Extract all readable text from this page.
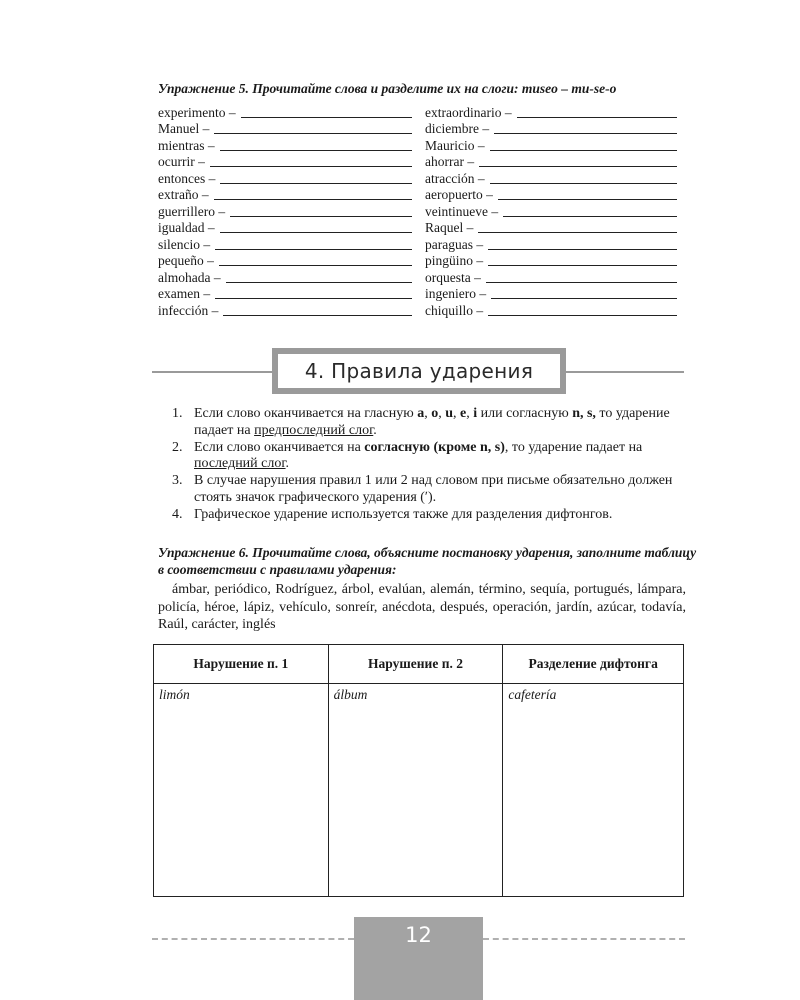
Упражнение 5. Прочитайте слова и разделите их на слоги: museo – mu-se-o
experimento –
Manuel –
mientras –
ocurrir –
entonces –
extraño –
guerrillero –
igualdad –
silencio –
pequeño –
almohada –
examen –
infección –
extraordinario –
diciembre –
Mauricio –
ahorrar –
atracción –
aeropuerto –
veintinueve –
Raquel –
paraguas –
pingüino –
orquesta –
ingeniero –
chiquillo –
4. Правила ударения
1. Если слово оканчивается на гласную a, o, u, e, i или согласную n, s, то ударение падает на предпоследний слог.
2. Если слово оканчивается на согласную (кроме n, s), то ударение падает на последний слог.
3. В случае нарушения правил 1 или 2 над словом при письме обязательно должен стоять значок графического ударения (ʹ).
4. Графическое ударение используется также для разделения дифтонгов.
Упражнение 6. Прочитайте слова, объясните постановку ударения, заполните таблицу в соответствии с правилами ударения:
ámbar, periódico, Rodríguez, árbol, evalúan, alemán, término, sequía, portugués, lámpara, policía, héroe, lápiz, vehículo, sonreír, anécdota, después, operación, jardín, azúcar, todavía, Raúl, carácter, inglés
Нарушение п. 1	Нарушение п. 2	Разделение дифтонга
limón	álbum	cafetería
12
